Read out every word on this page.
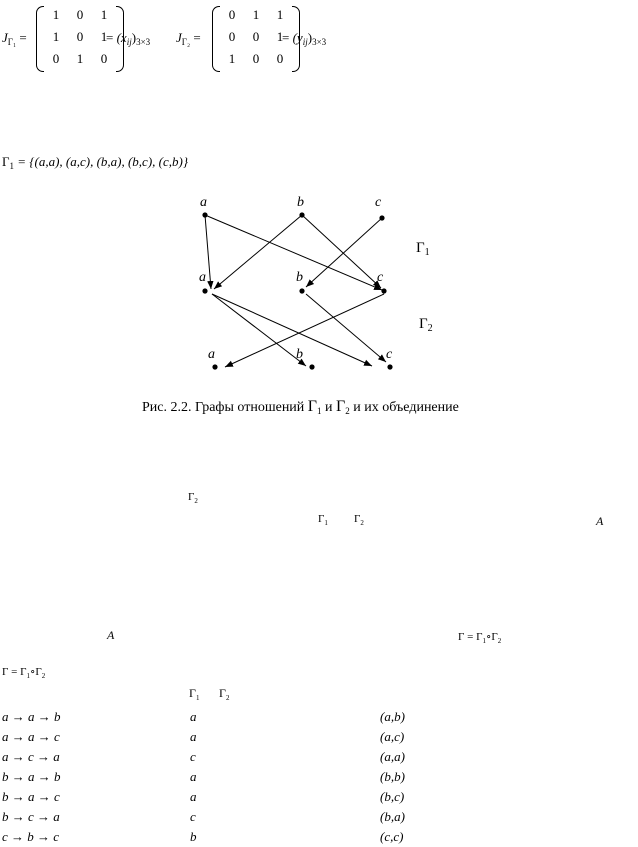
$J_{\Gamma_1}$ =
1	0	1
1	0	1
0	1	0
= $(x_{ij})_{3\times 3}$ $J_{\Gamma_2}$ =
0	1	1
0	0	1
1	0	0
= $(y_{ij})_{3\times 3}$
$\Gamma_1 = \{(a,a)$, (a,c), (b,a), (b,c), (c,b)}
a	b	c
a	b	c
a	b	c
$\Gamma_1$
$\Gamma_2$
Рис. 2.2. Графы отношений $\Gamma_1$ и $\Gamma_2$ и их объединение
$\Gamma_2$
$\Gamma_1$ $\Gamma_2$	A
A	$\Gamma = \Gamma_1\circ\Gamma_2$
$\Gamma = \Gamma_1\circ\Gamma_2$
$\Gamma_1$ $\Gamma_2$
a → a → b	a	(a,b)
a → a → c	a	(a,c)
a → c → a	c	(a,a)
b → a → b	a	(b,b)
b → a → c	a	(b,c)
b → c → a	c	(b,a)
c → b → c	b	(c,c)
